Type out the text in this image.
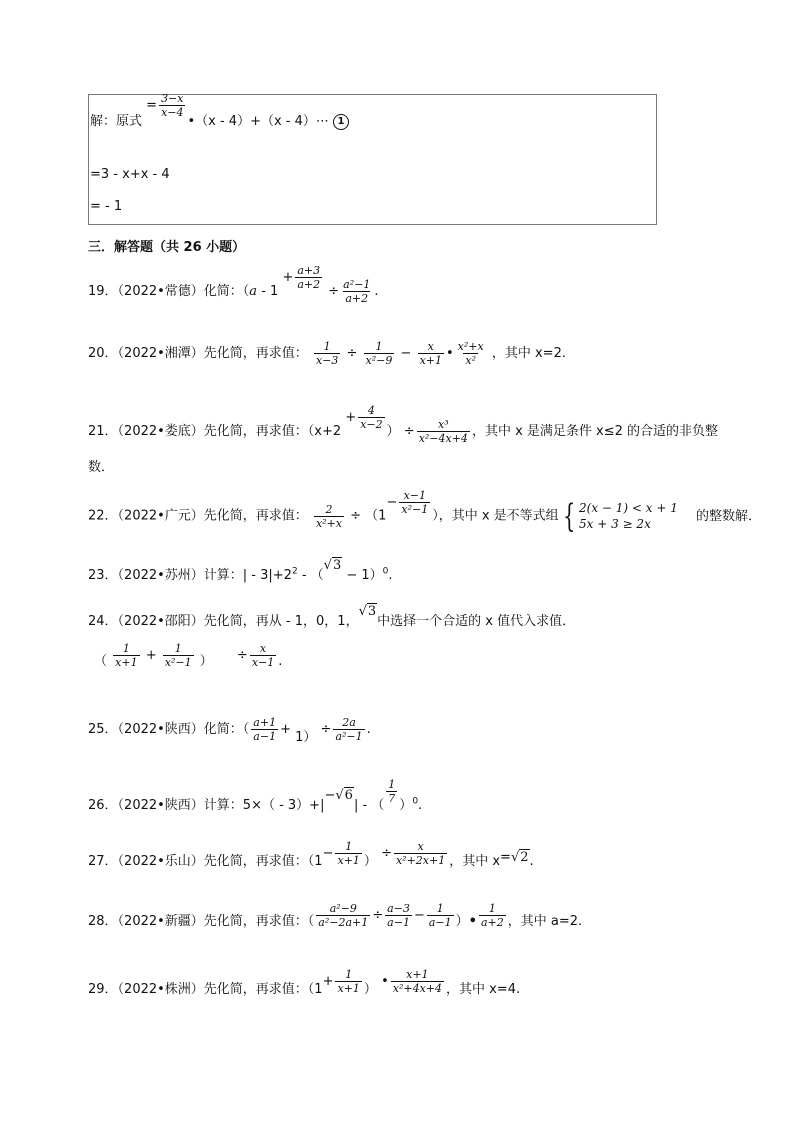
解：原式 = $\frac{3-x}{x-4}$
•（x - 4）+（x - 4）⋯ 1
=3 - x+x - 4
= - 1
三．解答题（共 26 小题）
19．（2022•常德）化简：（$a - 1 + \frac{a+3}{a+2}$
÷ $\frac{\text{a²−1}}{a+2}$ .
20．（2022•湘潭）先化简，再求值： $\frac{1}{x-3} \div \frac{1}{\text{x²−9}} - \frac{x}{x+1}$ • $\frac{\text{x²+x}}{\text{x²}}$ ，其中 x=2.
21．（2022•娄底）先化简，再求值：（$x+2 + \frac{4}{x-2}$
） ÷ $\frac{\text{x³}}{\text{x²−4x+4}}$ ，其中 x 是满足条件 x≤2 的合适的非负整
数．
22．（2022•广元）先化简，再求值： $\frac{2}{\text{x²+x}} \div (1- \frac{x-1}{\text{x²−1}}$
），其中 x 是不等式组 { 2(x − 1) < x + 1
5x + 3 ≥ 2x
的整数解．
23．（2022•苏州）计算：| - $3|+2^2 - (√3 - 1)^0$.
24．（2022•邵阳）先化简，再从 - 1，0，1，√3中选择一个合适的 x 值代入求值．
（ $\frac{1}{x+1} + \frac{1}{\text{x²−1}}$ ） ÷ $\frac{x}{x-1}$ .
25．（2022•陕西）化简：（ $\frac{a+1}{a-1} + 1) \div \frac{2a}{\text{a²−1}}$ .
26．（2022•陕西）计算：5×（ - 3）+|−√6| - （
$\frac{1}{7}$
）$^0$.
27．（2022•乐山）先化简，再求值：（$1- \frac{1}{x+1}$ ） ÷ $\frac{x}{\text{x²+2x+1}}$ ，其中 x=√2.
28．（2022•新疆）先化简，再求值：（ $\frac{\text{a²−9}}{\text{a²−2a+1}} \div \frac{a-3}{a-1} - \frac{1}{a-1}$ ）• $\frac{1}{a+2}$ ，其中 a=2.
29．（2022•株洲）先化简，再求值：（$1+ \frac{1}{x+1}$ ） • $\frac{x+1}{\text{x²+4x+4}}$ ，其中 x=4.
